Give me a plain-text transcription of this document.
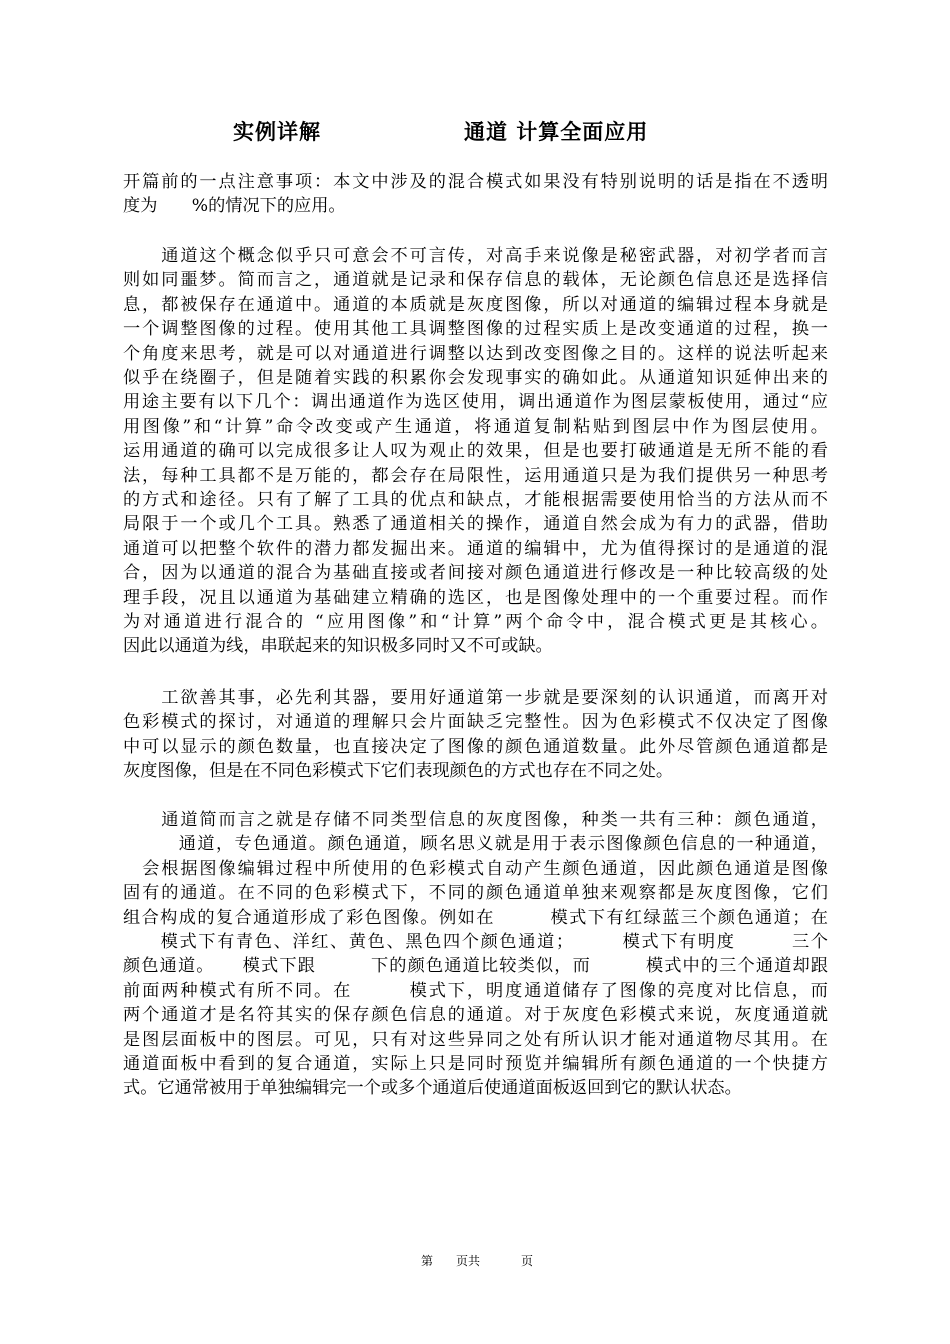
实例详解	通道 计算全面应用
开篇前的一点注意事项：本文中涉及的混合模式如果没有特别说明的话是指在不透明
度为　　%的情况下的应用。
　　通道这个概念似乎只可意会不可言传，对高手来说像是秘密武器，对初学者而言
则如同噩梦。简而言之，通道就是记录和保存信息的载体，无论颜色信息还是选择信
息，都被保存在通道中。通道的本质就是灰度图像，所以对通道的编辑过程本身就是
一个调整图像的过程。使用其他工具调整图像的过程实质上是改变通道的过程，换一
个角度来思考，就是可以对通道进行调整以达到改变图像之目的。这样的说法听起来
似乎在绕圈子，但是随着实践的积累你会发现事实的确如此。从通道知识延伸出来的
用途主要有以下几个：调出通道作为选区使用，调出通道作为图层蒙板使用，通过“应
用图像”和“计算”命令改变或产生通道，将通道复制粘贴到图层中作为图层使用。
运用通道的确可以完成很多让人叹为观止的效果，但是也要打破通道是无所不能的看
法，每种工具都不是万能的，都会存在局限性，运用通道只是为我们提供另一种思考
的方式和途径。只有了解了工具的优点和缺点，才能根据需要使用恰当的方法从而不
局限于一个或几个工具。熟悉了通道相关的操作，通道自然会成为有力的武器，借助
通道可以把整个软件的潜力都发掘出来。通道的编辑中，尤为值得探讨的是通道的混
合，因为以通道的混合为基础直接或者间接对颜色通道进行修改是一种比较高级的处
理手段，况且以通道为基础建立精确的选区，也是图像处理中的一个重要过程。而作
为对通道进行混合的 “应用图像”和“计算”两个命令中，混合模式更是其核心。
因此以通道为线，串联起来的知识极多同时又不可或缺。
　　工欲善其事，必先利其器，要用好通道第一步就是要深刻的认识通道，而离开对
色彩模式的探讨，对通道的理解只会片面缺乏完整性。因为色彩模式不仅决定了图像
中可以显示的颜色数量，也直接决定了图像的颜色通道数量。此外尽管颜色通道都是
灰度图像，但是在不同色彩模式下它们表现颜色的方式也存在不同之处。
　　通道简而言之就是存储不同类型信息的灰度图像，种类一共有三种：颜色通道，
　　　通道，专色通道。颜色通道，顾名思义就是用于表示图像颜色信息的一种通道，
　会根据图像编辑过程中所使用的色彩模式自动产生颜色通道，因此颜色通道是图像
固有的通道。在不同的色彩模式下，不同的颜色通道单独来观察都是灰度图像，它们
组合构成的复合通道形成了彩色图像。例如在　　　模式下有红绿蓝三个颜色通道；在
　　模式下有青色、洋红、黄色、黑色四个颜色通道；　　　模式下有明度　　　三个
颜色通道。　　模式下跟　　　下的颜色通道比较类似，而　　　模式中的三个通道却跟
前面两种模式有所不同。在　　　模式下，明度通道储存了图像的亮度对比信息，而
两个通道才是名符其实的保存颜色信息的通道。对于灰度色彩模式来说，灰度通道就
是图层面板中的图层。可见，只有对这些异同之处有所认识才能对通道物尽其用。在
通道面板中看到的复合通道，实际上只是同时预览并编辑所有颜色通道的一个快捷方
式。它通常被用于单独编辑完一个或多个通道后使通道面板返回到它的默认状态。
第 页共	页
